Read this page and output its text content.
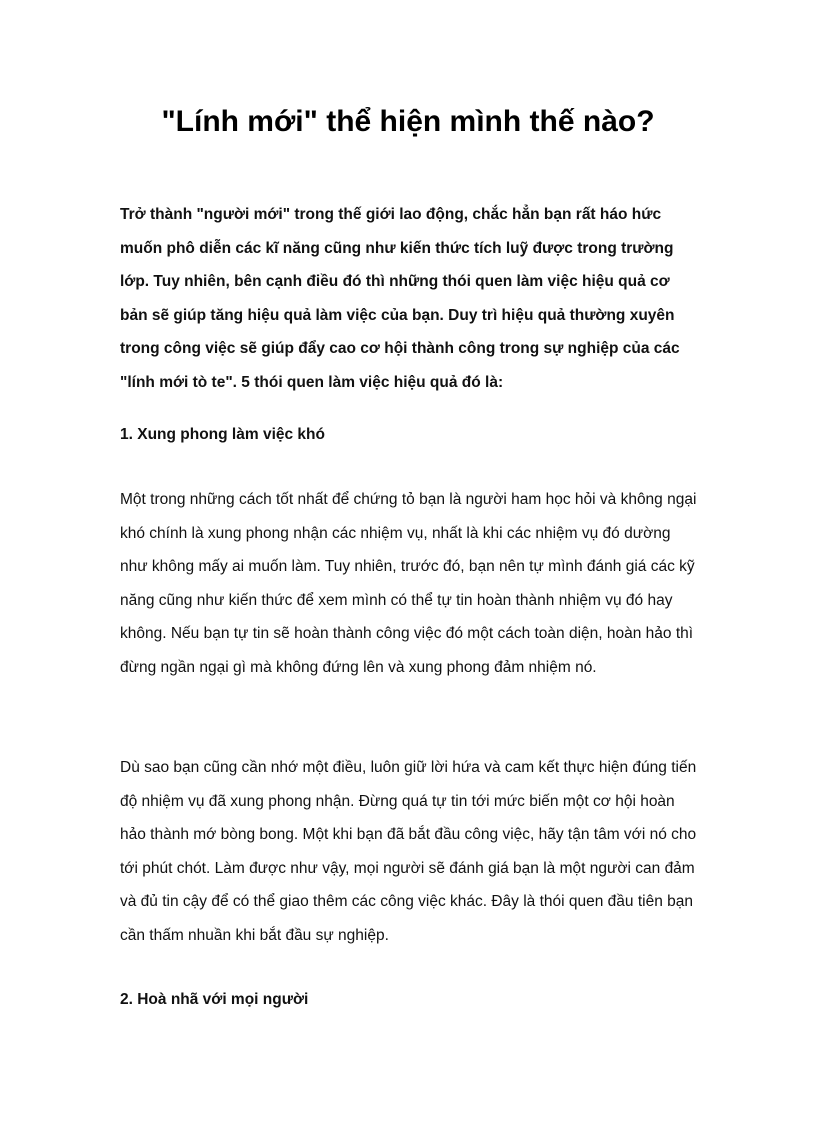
"Lính mới" thể hiện mình thế nào?

Trở thành "người mới" trong thế giới lao động, chắc hẳn bạn rất háo hức muốn phô diễn các kĩ năng cũng như kiến thức tích luỹ được trong trường lớp. Tuy nhiên, bên cạnh điều đó thì những thói quen làm việc hiệu quả cơ bản sẽ giúp tăng hiệu quả làm việc của bạn. Duy trì hiệu quả thường xuyên trong công việc sẽ giúp đẩy cao cơ hội thành công trong sự nghiệp của các "lính mới tò te". 5 thói quen làm việc hiệu quả đó là:

1. Xung phong làm việc khó

Một trong những cách tốt nhất để chứng tỏ bạn là người ham học hỏi và không ngại khó chính là xung phong nhận các nhiệm vụ, nhất là khi các nhiệm vụ đó dường như không mấy ai muốn làm. Tuy nhiên, trước đó, bạn nên tự mình đánh giá các kỹ năng cũng như kiến thức để xem mình có thể tự tin hoàn thành nhiệm vụ đó hay không. Nếu bạn tự tin sẽ hoàn thành công việc đó một cách toàn diện, hoàn hảo thì đừng ngần ngại gì mà không đứng lên và xung phong đảm nhiệm nó.

Dù sao bạn cũng cần nhớ một điều, luôn giữ lời hứa và cam kết thực hiện đúng tiến độ nhiệm vụ đã xung phong nhận. Đừng quá tự tin tới mức biến một cơ hội hoàn hảo thành mớ bòng bong. Một khi bạn đã bắt đầu công việc, hãy tận tâm với nó cho tới phút chót. Làm được như vậy, mọi người sẽ đánh giá bạn là một người can đảm và đủ tin cậy để có thể giao thêm các công việc khác. Đây là thói quen đầu tiên bạn cần thấm nhuần khi bắt đầu sự nghiệp.

2. Hoà nhã với mọi người
